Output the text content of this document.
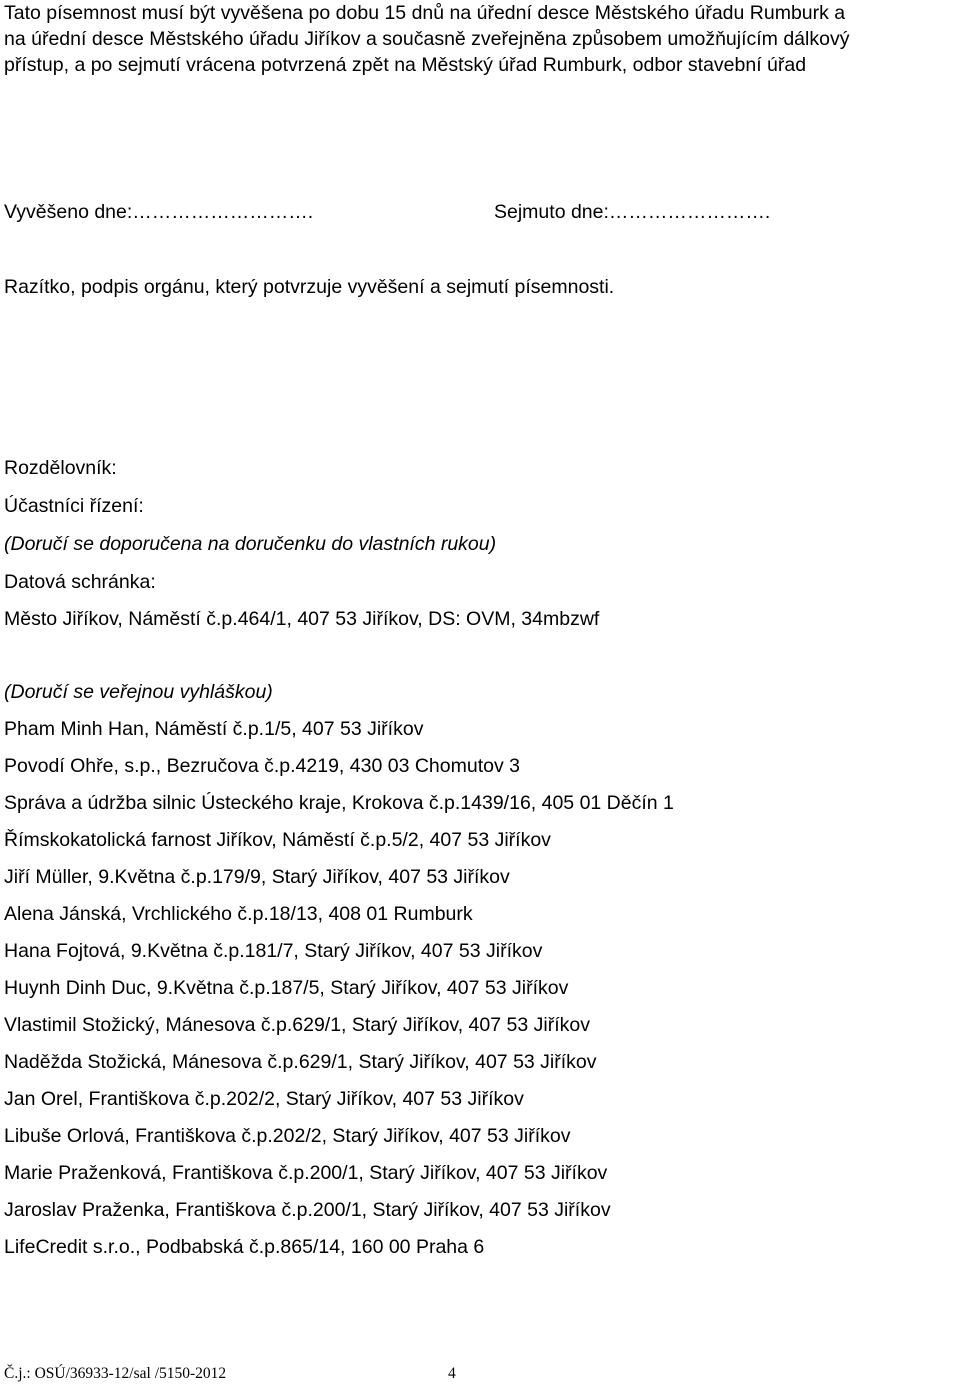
Tato písemnost musí být vyvěšena po dobu 15 dnů na úřední desce Městského úřadu Rumburk a
na úřední desce Městského úřadu Jiříkov a současně zveřejněna způsobem umožňujícím dálkový
přístup, a po sejmutí vrácena potvrzená zpět na Městský úřad Rumburk, odbor stavební úřad
Vyvěšeno dne:……………………….	Sejmuto dne:…………………….
Razítko, podpis orgánu, který potvrzuje vyvěšení a sejmutí písemnosti.
Rozdělovník:
Účastníci řízení:
(Doručí se doporučena na doručenku do vlastních rukou)
Datová schránka:
Město Jiříkov, Náměstí č.p.464/1, 407 53 Jiříkov, DS: OVM, 34mbzwf
(Doručí se veřejnou vyhláškou)
Pham Minh Han, Náměstí č.p.1/5, 407 53 Jiříkov
Povodí Ohře, s.p., Bezručova č.p.4219, 430 03 Chomutov 3
Správa a údržba silnic Ústeckého kraje, Krokova č.p.1439/16, 405 01 Děčín 1
Římskokatolická farnost Jiříkov, Náměstí č.p.5/2, 407 53 Jiříkov
Jiří Müller, 9.Května č.p.179/9, Starý Jiříkov, 407 53 Jiříkov
Alena Jánská, Vrchlického č.p.18/13, 408 01 Rumburk
Hana Fojtová, 9.Května č.p.181/7, Starý Jiříkov, 407 53 Jiříkov
Huynh Dinh Duc, 9.Května č.p.187/5, Starý Jiříkov, 407 53 Jiříkov
Vlastimil Stožický, Mánesova č.p.629/1, Starý Jiříkov, 407 53 Jiříkov
Naděžda Stožická, Mánesova č.p.629/1, Starý Jiříkov, 407 53 Jiříkov
Jan Orel, Františkova č.p.202/2, Starý Jiříkov, 407 53 Jiříkov
Libuše Orlová, Františkova č.p.202/2, Starý Jiříkov, 407 53 Jiříkov
Marie Praženková, Františkova č.p.200/1, Starý Jiříkov, 407 53 Jiříkov
Jaroslav Praženka, Františkova č.p.200/1, Starý Jiříkov, 407 53 Jiříkov
LifeCredit s.r.o., Podbabská č.p.865/14, 160 00 Praha 6
Č.j.: OSÚ/36933-12/sal /5150-2012	4
